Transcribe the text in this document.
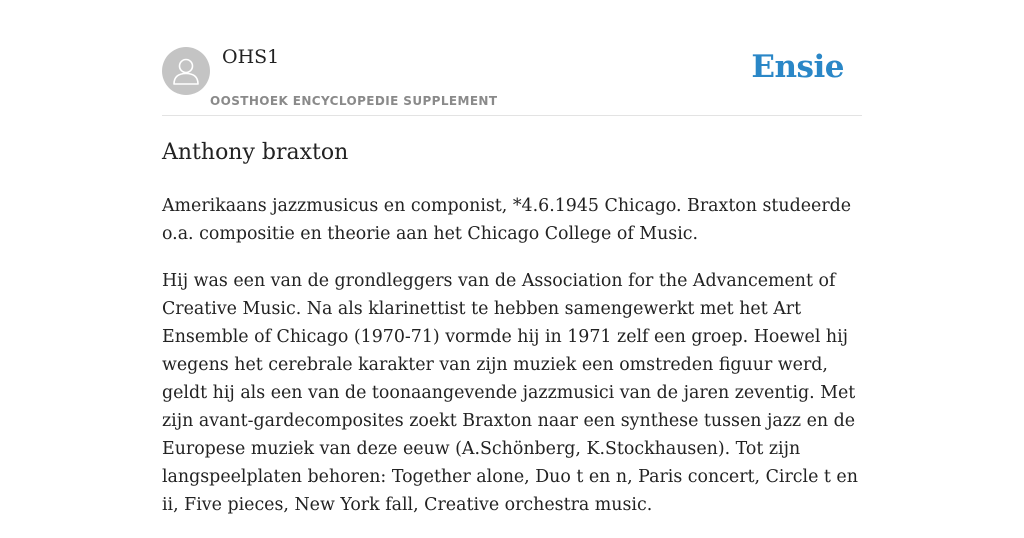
OHS1
OOSTHOEK ENCYCLOPEDIE SUPPLEMENT
Ensie
Anthony braxton

Amerikaans jazzmusicus en componist, *4.6.1945 Chicago. Braxton studeerde o.a. compositie en theorie aan het Chicago College of Music.

Hij was een van de grondleggers van de Association for the Advancement of Creative Music. Na als klarinettist te hebben samengewerkt met het Art Ensemble of Chicago (1970-71) vormde hij in 1971 zelf een groep. Hoewel hij wegens het cerebrale karakter van zijn muziek een omstreden figuur werd, geldt hij als een van de toonaangevende jazzmusici van de jaren zeventig. Met zijn avant-gardecomposites zoekt Braxton naar een synthese tussen jazz en de Europese muziek van deze eeuw (A.Schönberg, K.Stockhausen). Tot zijn langspeelplaten behoren: Together alone, Duo t en n, Paris concert, Circle t en ii, Five pieces, New York fall, Creative orchestra music.
